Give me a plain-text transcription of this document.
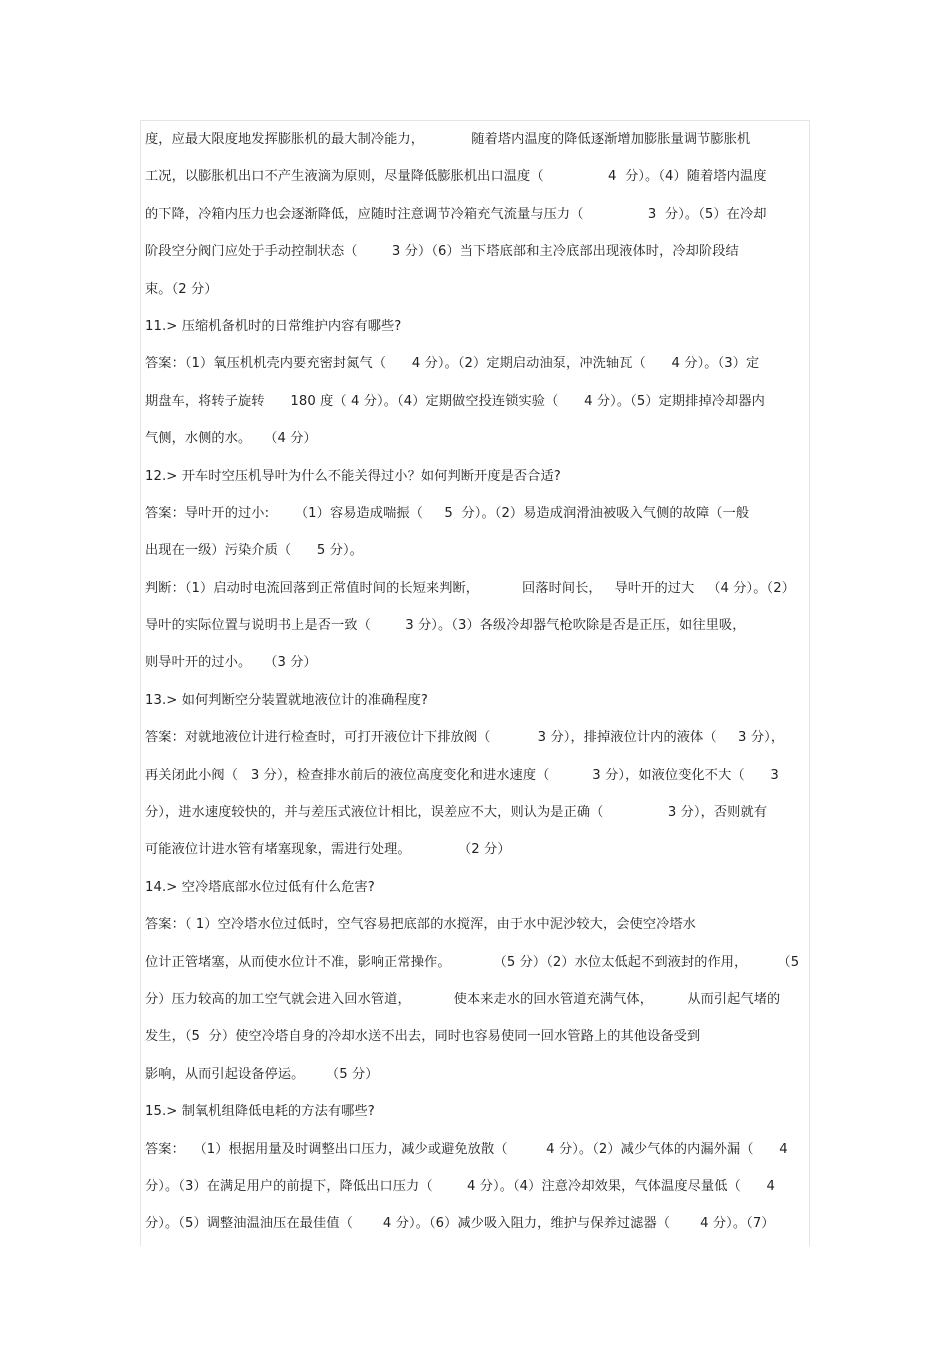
度，应最大限度地发挥膨胀机的最大制冷能力，           随着塔内温度的降低逐渐增加膨胀量调节膨胀机
工况，以膨胀机出口不产生液滴为原则，尽量降低膨胀机出口温度（               4  分）。（4）随着塔内温度
的下降，冷箱内压力也会逐渐降低，应随时注意调节冷箱充气流量与压力（               3  分）。（5）在冷却
阶段空分阀门应处于手动控制状态（        3 分）（6）当下塔底部和主冷底部出现液体时，冷却阶段结
束。（2 分）
11.> 压缩机备机时的日常维护内容有哪些?
答案：（1）氧压机机壳内要充密封氮气（      4 分）。（2）定期启动油泵，冲洗轴瓦（      4 分）。（3）定
期盘车，将转子旋转      180 度（ 4 分）。（4）定期做空投连锁实验（      4 分）。（5）定期排掉冷却器内
气侧，水侧的水。   （4 分）
12.> 开车时空压机导叶为什么不能关得过小？如何判断开度是否合适?
答案：导叶开的过小:      （1）容易造成喘振（     5  分）。（2）易造成润滑油被吸入气侧的故障（一般
出现在一级）污染介质（      5 分）。
判断：（1）启动时电流回落到正常值时间的长短来判断，          回落时间长，   导叶开的过大   （4 分）。（2）
导叶的实际位置与说明书上是否一致（        3 分）。（3）各级冷却器气枪吹除是否是正压，如往里吸，
则导叶开的过小。   （3 分）
13.> 如何判断空分装置就地液位计的准确程度?
答案：对就地液位计进行检查时，可打开液位计下排放阀（           3 分），排掉液位计内的液体（     3 分），
再关闭此小阀（   3 分），检查排水前后的液位高度变化和进水速度（          3 分），如液位变化不大（      3
分），进水速度较快的，并与差压式液位计相比，误差应不大，则认为是正确（               3 分），否则就有
可能液位计进水管有堵塞现象，需进行处理。           （2 分）
14.> 空冷塔底部水位过低有什么危害?
答案：（ 1）空冷塔水位过低时，空气容易把底部的水搅浑，由于水中泥沙较大，会使空冷塔水
位计正管堵塞，从而使水位计不准，影响正常操作。          （5 分）（2）水位太低起不到液封的作用，       （5
分）压力较高的加工空气就会进入回水管道，          使本来走水的回水管道充满气体，        从而引起气堵的
发生，（5  分）使空冷塔自身的冷却水送不出去，同时也容易使同一回水管路上的其他设备受到
影响，从而引起设备停运。     （5 分）
15.> 制氧机组降低电耗的方法有哪些?
答案：  （1）根据用量及时调整出口压力，减少或避免放散（         4 分）。（2）减少气体的内漏外漏（      4
分）。（3）在满足用户的前提下，降低出口压力（        4 分）。（4）注意冷却效果，气体温度尽量低（      4
分）。（5）调整油温油压在最佳值（       4 分）。（6）减少吸入阻力，维护与保养过滤器（       4 分）。（7）
